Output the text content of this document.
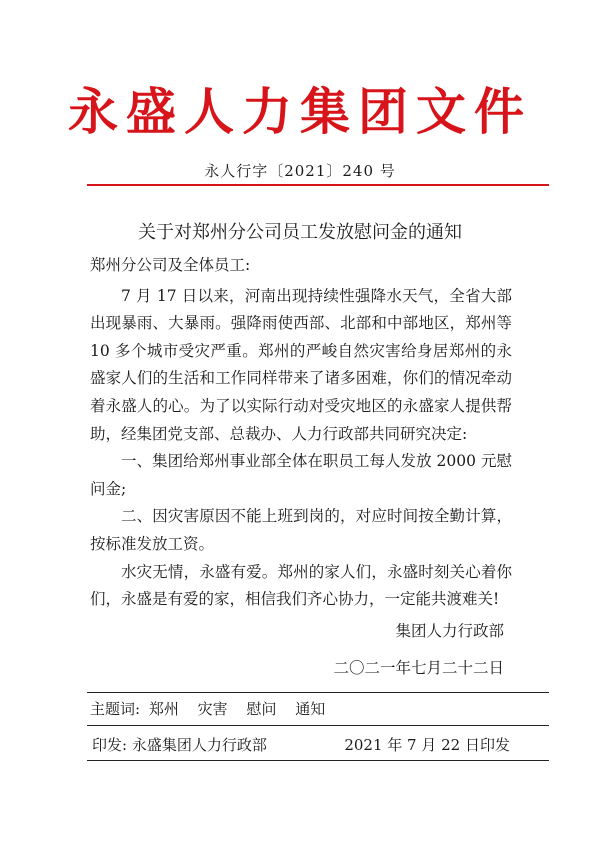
永盛人力集团文件
永人行字〔2021〕240 号
关于对郑州分公司员工发放慰问金的通知

郑州分公司及全体员工:

7 月 17 日以来，河南出现持续性强降水天气，全省大部出现暴雨、大暴雨。强降雨使西部、北部和中部地区，郑州等 10 多个城市受灾严重。郑州的严峻自然灾害给身居郑州的永盛家人们的生活和工作同样带来了诸多困难，你们的情况牵动着永盛人的心。为了以实际行动对受灾地区的永盛家人提供帮助，经集团党支部、总裁办、人力行政部共同研究决定:

一、集团给郑州事业部全体在职员工每人发放 2000 元慰问金;

二、因灾害原因不能上班到岗的，对应时间按全勤计算，按标准发放工资。

水灾无情，永盛有爱。郑州的家人们，永盛时刻关心着你们，永盛是有爱的家，相信我们齐心协力，一定能共渡难关!

集团人力行政部

二〇二一年七月二十二日

主题词: 郑州 灾害 慰问 通知
印发: 永盛集团人力行政部	2021 年 7 月 22 日印发
